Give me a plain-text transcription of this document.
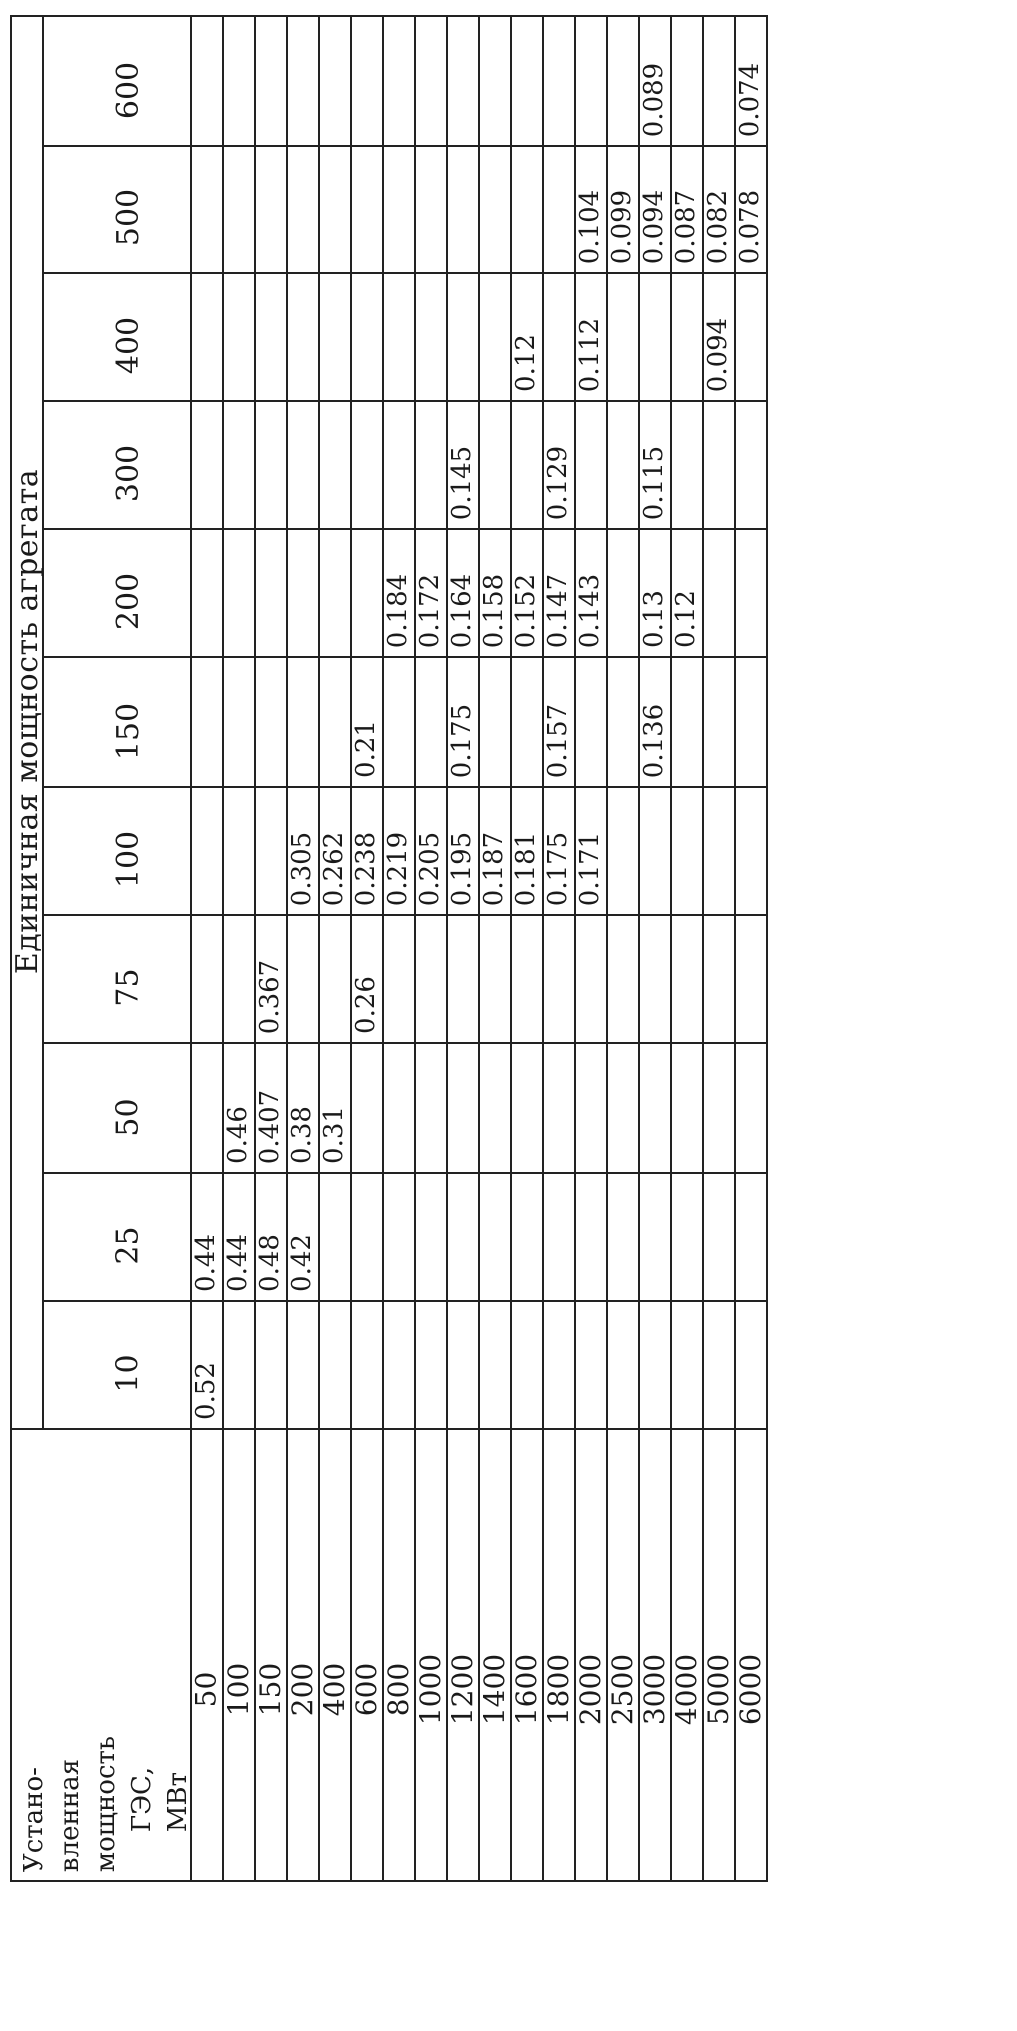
Единичная мощность агрегата
10
25
50
75
100
150
200
300
400
500
600
Устано- вленная мощность ГЭС, МВт
50 100 150 200 400 600 800
1000 1200 1400 1600 1800 2000 2500 3000 4000 5000 6000
0.52
0.44 0.44
0.46
0.48
0.407
0.367
0.42
0.38
0.305
0.31
0.262
0.26
0.238
0.21
0.219
0.184
0.205
0.172
0.195
0.175
0.164
0.145
0.187
0.158
0.181
0.152
0.12
0.175
0.157
0.147
0.129
0.171
0.143
0.112
0.104 0.099
0.136
0.13
0.115
0.094
0.089
0.12
0.087
0.094
0.082 0.078
0.074
